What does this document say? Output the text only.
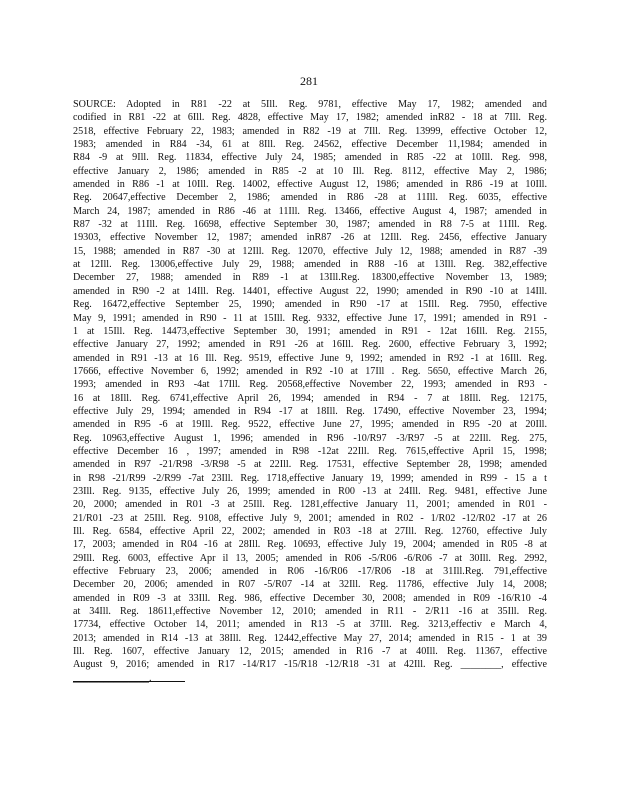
281
SOURCE: Adopted in R81 -22 at 5Ill. Reg. 9781, effective May 17, 1982; amended and
codified in R81 -22 at 6Ill. Reg. 4828, effective May 17, 1982; amended inR82 - 18 at 7Ill. Reg.
2518, effective February 22, 1983; amended in R82 -19 at 7Ill. Reg. 13999, effective October 12,
1983; amended in R84 -34, 61 at 8Ill. Reg. 24562, effective December 11,1984; amended in
R84 -9 at 9Ill. Reg. 11834, effective July 24, 1985; amended in R85 -22 at 10Ill. Reg. 998,
effective January 2, 1986; amended in R85 -2 at 10 Ill. Reg. 8112, effective May 2, 1986;
amended in R86 -1 at 10Ill. Reg. 14002, effective August 12, 1986; amended in R86 -19 at 10Ill.
Reg. 20647,effective December 2, 1986; amended in R86 -28 at 11Ill. Reg. 6035, effective
March 24, 1987; amended in R86 -46 at 11Ill. Reg. 13466, effective August 4, 1987; amended in
R87 -32 at 11Ill. Reg. 16698, effective September 30, 1987; amended in R8 7-5 at 11Ill. Reg.
19303, effective November 12, 1987; amended inR87 -26 at 12Ill. Reg. 2456, effective January
15, 1988; amended in R87 -30 at 12Ill. Reg. 12070, effective July 12, 1988; amended in R87 -39
at 12Ill. Reg. 13006,effective July 29, 1988; amended in R88 -16 at 13Ill. Reg. 382,effective
December 27, 1988; amended in R89 -1 at 13Ill.Reg. 18300,effective November 13, 1989;
amended in R90 -2 at 14Ill. Reg. 14401, effective August 22, 1990; amended in R90 -10 at 14Ill.
Reg. 16472,effective September 25, 1990; amended in R90 -17 at 15Ill. Reg. 7950, effective
May 9, 1991; amended in R90 - 11 at 15Ill. Reg. 9332, effective June 17, 1991; amended in R91 -
1 at 15Ill. Reg. 14473,effective September 30, 1991; amended in R91 - 12at 16Ill. Reg. 2155,
effective January 27, 1992; amended in R91 -26 at 16Ill. Reg. 2600, effective February 3, 1992;
amended in R91 -13 at 16 Ill. Reg. 9519, effective June 9, 1992; amended in R92 -1 at 16Ill. Reg.
17666, effective November 6, 1992; amended in R92 -10 at 17Ill . Reg. 5650, effective March 26,
1993; amended in R93 -4at 17Ill. Reg. 20568,effective November 22, 1993; amended in R93 -
16 at 18Ill. Reg. 6741,effective April 26, 1994; amended in R94 - 7 at 18Ill. Reg. 12175,
effective July 29, 1994; amended in R94 -17 at 18Ill. Reg. 17490, effective November 23, 1994;
amended in R95 -6 at 19Ill. Reg. 9522, effective June 27, 1995; amended in R95 -20 at 20Ill.
Reg. 10963,effective August 1, 1996; amended in R96 -10/R97 -3/R97 -5 at 22Ill. Reg. 275,
effective December 16 , 1997; amended in R98 -12at 22Ill. Reg. 7615,effective April 15, 1998;
amended in R97 -21/R98 -3/R98 -5 at 22Ill. Reg. 17531, effective September 28, 1998; amended
in R98 -21/R99 -2/R99 -7at 23Ill. Reg. 1718,effective January 19, 1999; amended in R99 - 15 a t
23Ill. Reg. 9135, effective July 26, 1999; amended in R00 -13 at 24Ill. Reg. 9481, effective June
20, 2000; amended in R01 -3 at 25Ill. Reg. 1281,effective January 11, 2001; amended in R01 -
21/R01 -23 at 25Ill. Reg. 9108, effective July 9, 2001; amended in R02 - 1/R02 -12/R02 -17 at 26
Ill. Reg. 6584, effective April 22, 2002; amended in R03 -18 at 27Ill. Reg. 12760, effective July
17, 2003; amended in R04 -16 at 28Ill. Reg. 10693, effective July 19, 2004; amended in R05 -8 at
29Ill. Reg. 6003, effective Apr il 13, 2005; amended in R06 -5/R06 -6/R06 -7 at 30Ill. Reg. 2992,
effective February 23, 2006; amended in R06 -16/R06 -17/R06 -18 at 31Ill.Reg. 791,effective
December 20, 2006; amended in R07 -5/R07 -14 at 32Ill. Reg. 11786, effective July 14, 2008;
amended in R09 -3 at 33Ill. Reg. 986, effective December 30, 2008; amended in R09 -16/R10 -4
at 34Ill. Reg. 18611,effective November 12, 2010; amended in R11 - 2/R11 -16 at 35Ill. Reg.
17734, effective October 14, 2011; amended in R13 -5 at 37Ill. Reg. 3213,effectiv e March 4,
2013; amended in R14 -13 at 38Ill. Reg. 12442,effective May 27, 2014; amended in R15 - 1 at 39
Ill. Reg. 1607, effective January 12, 2015; amended in R16 -7 at 40Ill. Reg. 11367, effective
August 9, 2016; amended in R17 -14/R17 -15/R18 -12/R18 -31 at 42Ill. Reg. ________, effective
_______________.
